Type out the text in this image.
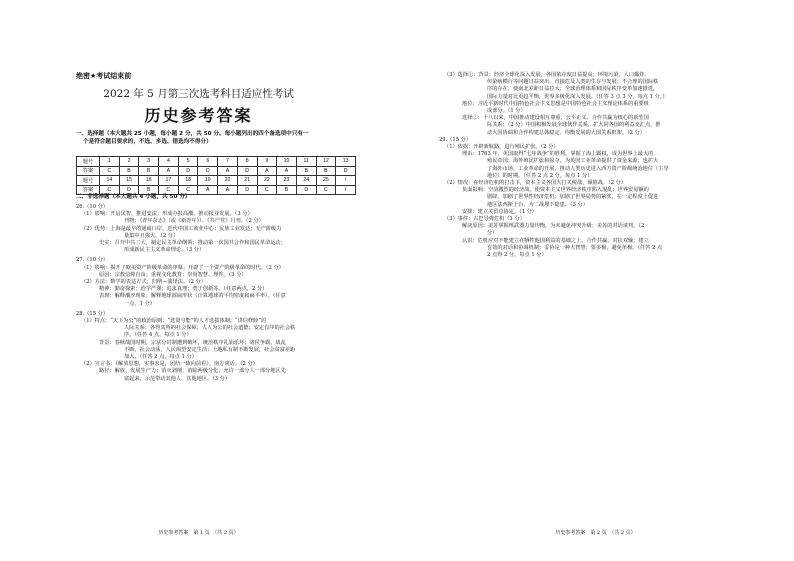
绝密★考试结束前
2022 年 5 月第三次选考科目适应性考试
历史参考答案
一、选择题（本大题共 25 小题，每小题 2 分，共 50 分。每小题列出的四个备选项中只有一
个是符合题目要求的，不选、多选、错选均不得分）
题号	1	2	3	4	5	6	7	8	9	10	11	12	13
答案	C	B	B	A	D	D	A	D	A	A	B	B	D
题号	14	15	16	17	18	19	20	21	22	23	24	25	/
答案	C	D	B	C	C	A	A	D	C	B	D	C	/
二、非选择题（本大题共 4 小题，共 50 分）
26.（10 分）
（1）影响：开启民智，推进变法；形成办报高潮，推动报业发展。（3 分）
刊物：《青年杂志》（或《新青年》）、《共产党》月刊。（2 分）
（2）优势：上海是最早的通商口岸，近代中国工商业中心；民族工业发达；无产阶级力
量集中且强大。（2 分）
史实：召开中共二大，制定民主革命纲领；推动第一次国共合作和国民革命运动；
形成新民主主义革命理论。（3 分）
27.（10 分）
（1）影响：揭开了欧美资产阶级革命的序幕；开辟了一个资产阶级革命的时代。（2 分）
原因：宗教信仰自由；重视文化教育；崇尚智慧、理性。（3 分）
（2）方法：数学的表达方式；归纳—演绎法。（2 分）
精神：勤奋探索；治学严谨；追求真理；勇于创新等。（任意两点，2 分）
表现：解释潮汐现象；解释地球圆扁形状（计算地球的平均密度和扁平率）。（任意
一点，1 分）
28.（15 分）
（1）特点：“天下为公”的政治原则；“选贤与能”的人才选拔体制；“讲信修睦”的
人际关系；各得其所的社会保障；人人为公的社会道德；安定有序的社会秩
序。（任答 4 点，每点 1 分）
背景：春秋战国时期，宗法分封制遭到破坏，统治秩序礼崩乐坏；诸侯争霸，战乱
不断，社会动荡，人民渴望安定生活；土地私有制不断发展，社会贫富差距
加大。（任答 2 点，每点 1 分）
（2）宣言书：《解放思想，实事求是，团结一致向前看》、南方谈话。（2 分）
路径：解放、发展生产力；消灭剥削、消除两极分化；允许一部分人一部分地区先
富起来，示范带动其他人、其他地区。（3 分）
历史参考答案　第 1 页　（共 2 页）
（3）选择①：背景：经济全球化深入发展，各国依存度日益提高；环境污染、人口爆炸、
传染病横行等问题日益突出，直接危及人类的生存与发展；不合理的国际秩
序的存在，使南北差距日益拉大；全球治理体系和国际秩序变革加速推进，
国际力量对比更趋平衡，世界多极化深入发展。（任答 3 点 3 分，每点 1 分。）
地位：习近平新时代中国特色社会主义思想是中国特色社会主义理论体系的重要组
成部分。（1 分）
选择②：十八以来，中国推动建设相互尊重、公平正义、合作共赢为核心的新型国
际关系；（2 分）中国积极发展全球伙伴关系，扩大同各国的利益交汇点，推
动大国协调和合作构建总体稳定、均衡发展的大国关系框架。（2 分）
29.（15 分）
（1）依据：开辟新航路，进行殖民扩张。（2 分）
理由：1763 年，英国取得“七年战争”的胜利，掌握了海上霸权，成为世界上最大的
殖民帝国；海外殖民扩张和掠夺，为英国工业革命提供了资金来源；也扩大
了海外市场，工业革命的开展，推动人类历史进入西方资产阶级统治地位（主导
地位）的时期。（任答 2 点 2 分，每点 1 分）
（2）情况：在经济危机的打击下，资本主义各国大打关税战、倾销战。（2 分）
负面影响：空前激烈的经济战，使资本主义世界经济秩序陷入混乱；世界贸易额的
剧降，加剧了世界性经济危机；加剧了世界局势的紧张，在一定程度上促进
地区法西斯上台，为二战埋下隐患。（3 分）
安排：建立关贸总协定。（1 分）
（3）事件：古巴导弹危机（1 分）
解决原因：美苏掌握核武器力量均衡，为未避免冲突升级；美苏的对话谈判。（2
分）
认识：危机应对不能建立在牺牲他国利益的基础之上，合作共赢，对抗双输；建立
有效的对话和协调机制；妥协是一种大智慧；要多极，避免单极。（任答 2 点
2 点得 2 分，每点 1 分）
历史参考答案　第 2 页　（共 2 页）
